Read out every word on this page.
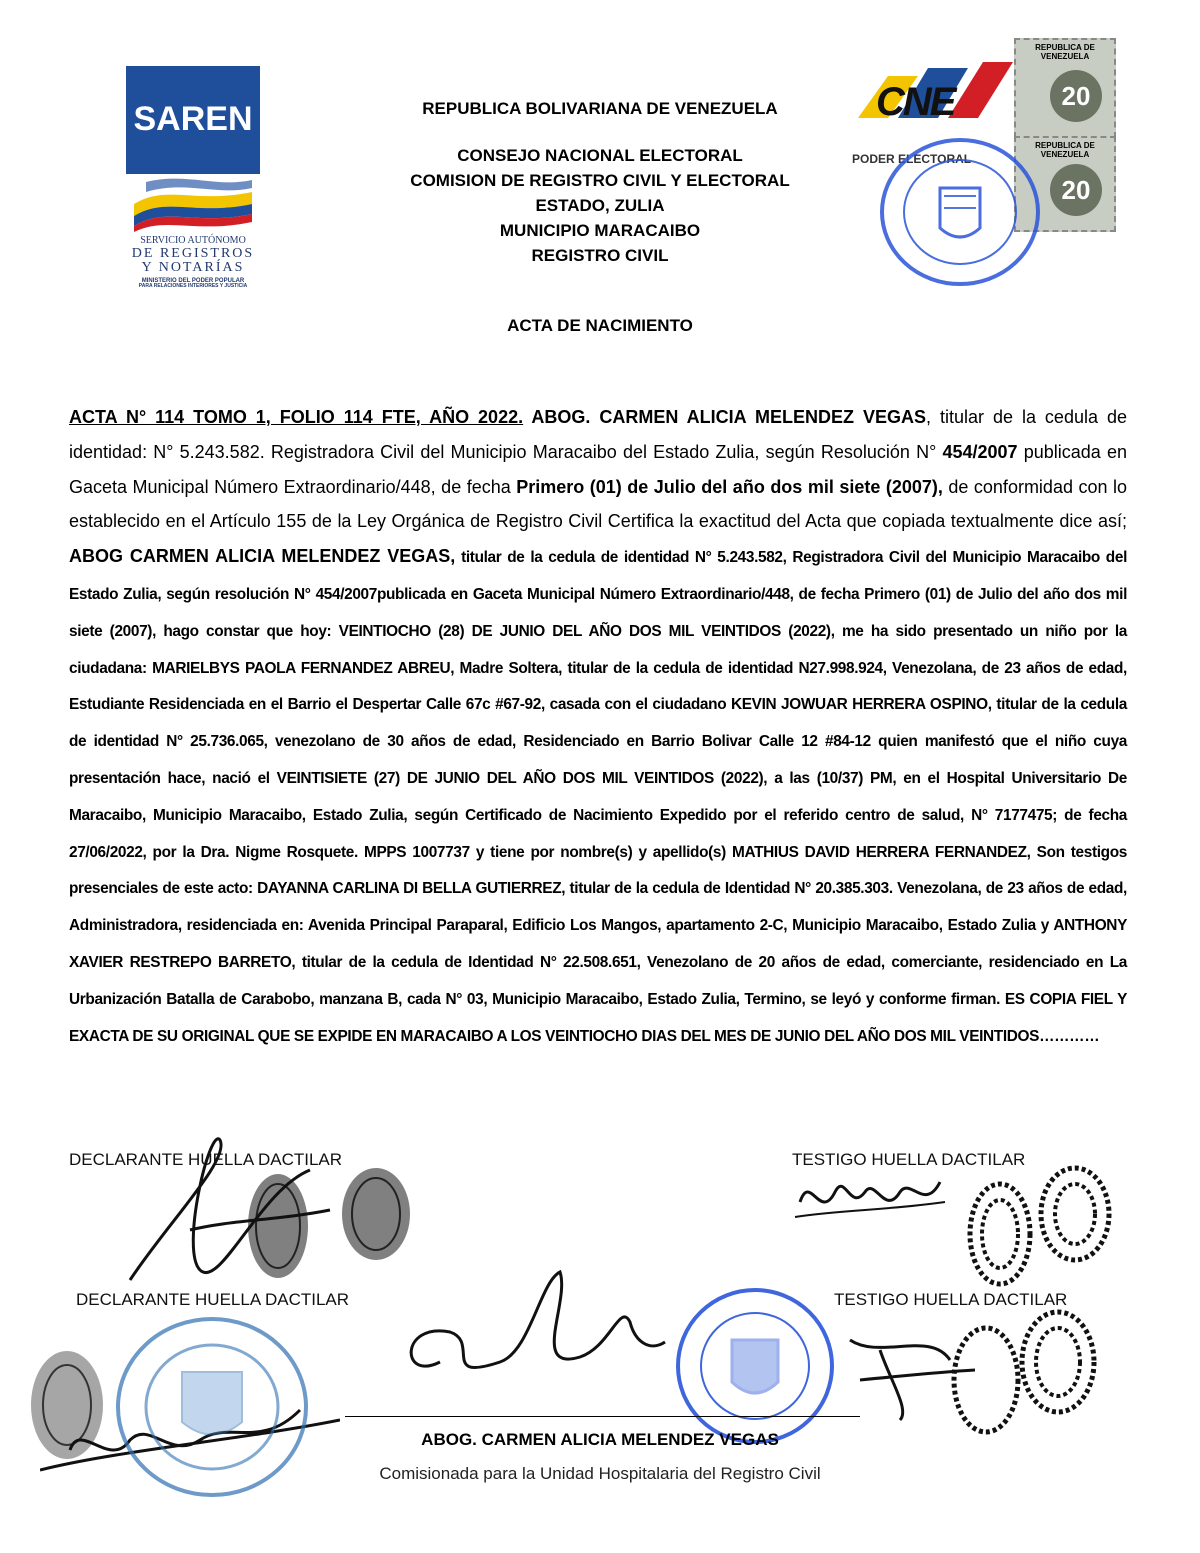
SAREN
SERVICIO AUTÓNOMO
DE REGISTROS
Y NOTARÍAS
MINISTERIO DEL PODER POPULAR
PARA RELACIONES INTERIORES Y JUSTICIA
CNE
PODER ELECTORAL
REPUBLICA DE VENEZUELA
20
REPUBLICA DE VENEZUELA
20
REPUBLICA BOLIVARIANA DE VENEZUELA
CONSEJO NACIONAL ELECTORAL
COMISION DE REGISTRO CIVIL Y ELECTORAL
ESTADO, ZULIA
MUNICIPIO MARACAIBO
REGISTRO CIVIL
ACTA DE NACIMIENTO
ACTA N° 114 TOMO 1, FOLIO 114 FTE, AÑO 2022. ABOG. CARMEN ALICIA MELENDEZ VEGAS, titular de la cedula de identidad: N° 5.243.582. Registradora Civil del Municipio Maracaibo del Estado Zulia, según Resolución N° 454/2007 publicada en Gaceta Municipal Número Extraordinario/448, de fecha Primero (01) de Julio del año dos mil siete (2007), de conformidad con lo establecido en el Artículo 155 de la Ley Orgánica de Registro Civil Certifica la exactitud del Acta que copiada textualmente dice así; ABOG CARMEN ALICIA MELENDEZ VEGAS, titular de la cedula de identidad N° 5.243.582, Registradora Civil del Municipio Maracaibo del Estado Zulia, según resolución N° 454/2007publicada en Gaceta Municipal Número Extraordinario/448, de fecha Primero (01) de Julio del año dos mil siete (2007), hago constar que hoy: VEINTIOCHO (28) DE JUNIO DEL AÑO DOS MIL VEINTIDOS (2022), me ha sido presentado un niño por la ciudadana: MARIELBYS PAOLA FERNANDEZ ABREU, Madre Soltera, titular de la cedula de identidad N27.998.924, Venezolana, de 23 años de edad, Estudiante Residenciada en el Barrio el Despertar Calle 67c #67-92, casada con el ciudadano KEVIN JOWUAR HERRERA OSPINO, titular de la cedula de identidad N° 25.736.065, venezolano de 30 años de edad, Residenciado en Barrio Bolivar Calle 12 #84-12 quien manifestó que el niño cuya presentación hace, nació el VEINTISIETE (27) DE JUNIO DEL AÑO DOS MIL VEINTIDOS (2022), a las (10/37) PM, en el Hospital Universitario De Maracaibo, Municipio Maracaibo, Estado Zulia, según Certificado de Nacimiento Expedido por el referido centro de salud, N° 7177475; de fecha 27/06/2022, por la Dra. Nigme Rosquete. MPPS 1007737 y tiene por nombre(s) y apellido(s) MATHIUS DAVID HERRERA FERNANDEZ, Son testigos presenciales de este acto: DAYANNA CARLINA DI BELLA GUTIERREZ, titular de la cedula de Identidad N° 20.385.303. Venezolana, de 23 años de edad, Administradora, residenciada en: Avenida Principal Paraparal, Edificio Los Mangos, apartamento 2-C, Municipio Maracaibo, Estado Zulia y ANTHONY XAVIER RESTREPO BARRETO, titular de la cedula de Identidad N° 22.508.651, Venezolano de 20 años de edad, comerciante, residenciado en La Urbanización Batalla de Carabobo, manzana B, cada N° 03, Municipio Maracaibo, Estado Zulia, Termino, se leyó y conforme firman. ES COPIA FIEL Y EXACTA DE SU ORIGINAL QUE SE EXPIDE EN MARACAIBO A LOS VEINTIOCHO DIAS DEL MES DE JUNIO DEL AÑO DOS MIL VEINTIDOS…………
DECLARANTE HUELLA DACTILAR	TESTIGO HUELLA DACTILAR
DECLARANTE HUELLA DACTILAR	TESTIGO HUELLA DACTILAR
ABOG. CARMEN ALICIA MELENDEZ VEGAS
Comisionada para la Unidad Hospitalaria del Registro Civil
